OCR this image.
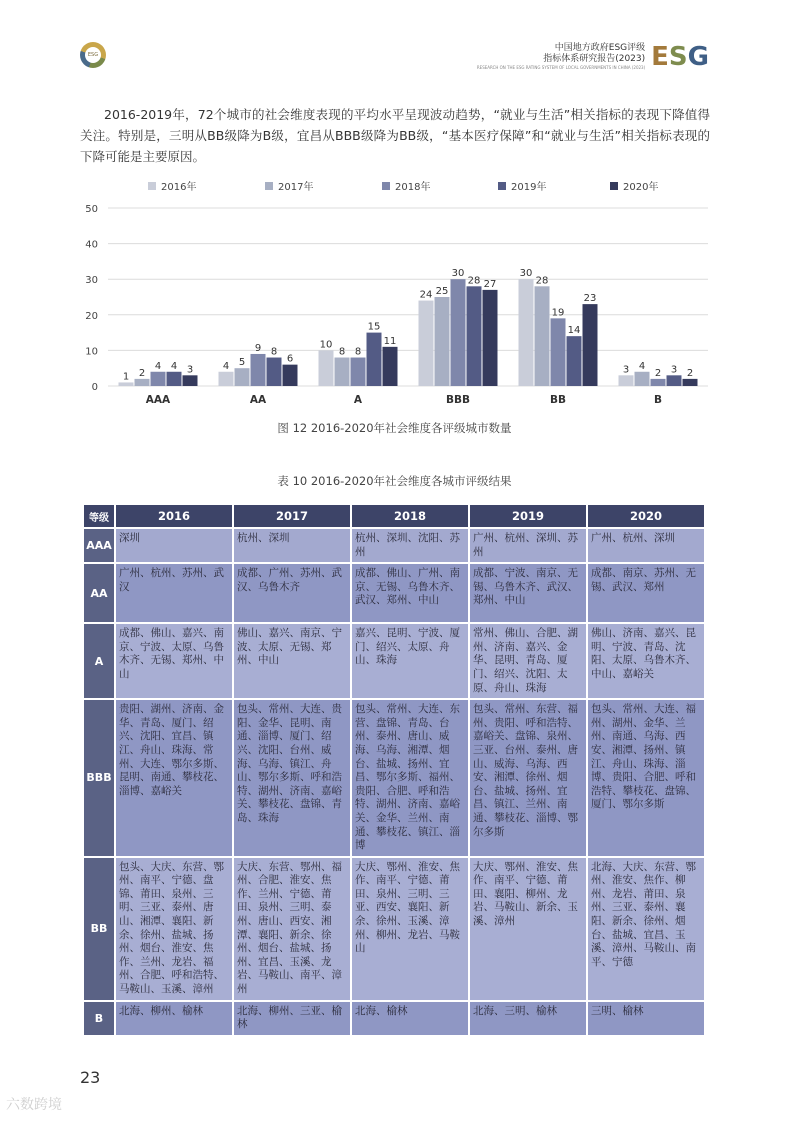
ESG
中国地方政府ESG评级
指标体系研究报告(2023)
RESEARCH ON THE ESG RATING SYSTEM OF LOCAL GOVERNMENTS IN CHINA (2023) E S G

2016-2019年，72个城市的社会维度表现的平均水平呈现波动趋势，“就业与生活”相关指标的表现下降值得关注。特别是，三明从BB级降为B级，宜昌从BBB级降为BB级，“基本医疗保障”和“就业与生活”相关指标表现的下降可能是主要原因。

2016年	2017年	2018年	2019年	2020年
0
10
20
30
40
50
1 2
4 4 3
AAA
4 5
9 8
6
AA
10
8 8
15
11
A
24 25
30
28 27
BBB
30
28
19
14
23
BB
3 4
2 3 2
B
图 12 2016-2020年社会维度各评级城市数量
表 10 2016-2020年社会维度各城市评级结果
等级	2016	2017	2018	2019	2020
AAA	深圳	杭州、深圳	杭州、深圳、沈阳、苏州	广州、杭州、深圳、苏州	广州、杭州、深圳
AA	广州、杭州、苏州、武汉	成都、广州、苏州、武汉、乌鲁木齐	成都、佛山、广州、南京、无锡、乌鲁木齐、武汉、郑州、中山	成都、宁波、南京、无锡、乌鲁木齐、武汉、郑州、中山	成都、南京、苏州、无锡、武汉、郑州
A	成都、佛山、嘉兴、南京、宁波、太原、乌鲁木齐、无锡、郑州、中山	佛山、嘉兴、南京、宁波、太原、无锡、郑州、中山	嘉兴、昆明、宁波、厦门、绍兴、太原、舟山、珠海	常州、佛山、合肥、湖州、济南、嘉兴、金华、昆明、青岛、厦门、绍兴、沈阳、太原、舟山、珠海	佛山、济南、嘉兴、昆明、宁波、青岛、沈阳、太原、乌鲁木齐、中山、嘉峪关
BBB	贵阳、湖州、济南、金华、青岛、厦门、绍兴、沈阳、宜昌、镇江、舟山、珠海、常州、大连、鄂尔多斯、昆明、南通、攀枝花、淄博、嘉峪关	包头、常州、大连、贵阳、金华、昆明、南通、淄博、厦门、绍兴、沈阳、台州、威海、乌海、镇江、舟山、鄂尔多斯、呼和浩特、湖州、济南、嘉峪关、攀枝花、盘锦、青岛、珠海	包头、常州、大连、东营、盘锦、青岛、台州、泰州、唐山、威海、乌海、湘潭、烟台、盐城、扬州、宜昌、鄂尔多斯、福州、贵阳、合肥、呼和浩特、湖州、济南、嘉峪关、金华、兰州、南通、攀枝花、镇江、淄博	包头、常州、东营、福州、贵阳、呼和浩特、嘉峪关、盘锦、泉州、三亚、台州、泰州、唐山、威海、乌海、西安、湘潭、徐州、烟台、盐城、扬州、宜昌、镇江、兰州、南通、攀枝花、淄博、鄂尔多斯	包头、常州、大连、福州、湖州、金华、兰州、南通、乌海、西安、湘潭、扬州、镇江、舟山、珠海、淄博、贵阳、合肥、呼和浩特、攀枝花、盘锦、厦门、鄂尔多斯
BB	包头、大庆、东营、鄂州、南平、宁德、盘锦、莆田、泉州、三明、三亚、泰州、唐山、湘潭、襄阳、新余、徐州、盐城、扬州、烟台、淮安、焦作、兰州、龙岩、福州、合肥、呼和浩特、马鞍山、玉溪、漳州	大庆、东营、鄂州、福州、合肥、淮安、焦作、兰州、宁德、莆田、泉州、三明、泰州、唐山、西安、湘潭、襄阳、新余、徐州、烟台、盐城、扬州、宜昌、玉溪、龙岩、马鞍山、南平、漳州	大庆、鄂州、淮安、焦作、南平、宁德、莆田、泉州、三明、三亚、西安、襄阳、新余、徐州、玉溪、漳州、柳州、龙岩、马鞍山	大庆、鄂州、淮安、焦作、南平、宁德、莆田、襄阳、柳州、龙岩、马鞍山、新余、玉溪、漳州	北海、大庆、东营、鄂州、淮安、焦作、柳州、龙岩、莆田、泉州、三亚、泰州、襄阳、新余、徐州、烟台、盐城、宜昌、玉溪、漳州、马鞍山、南平、宁德
B	北海、柳州、榆林	北海、柳州、三亚、榆林	北海、榆林	北海、三明、榆林	三明、榆林
23
六数跨境
